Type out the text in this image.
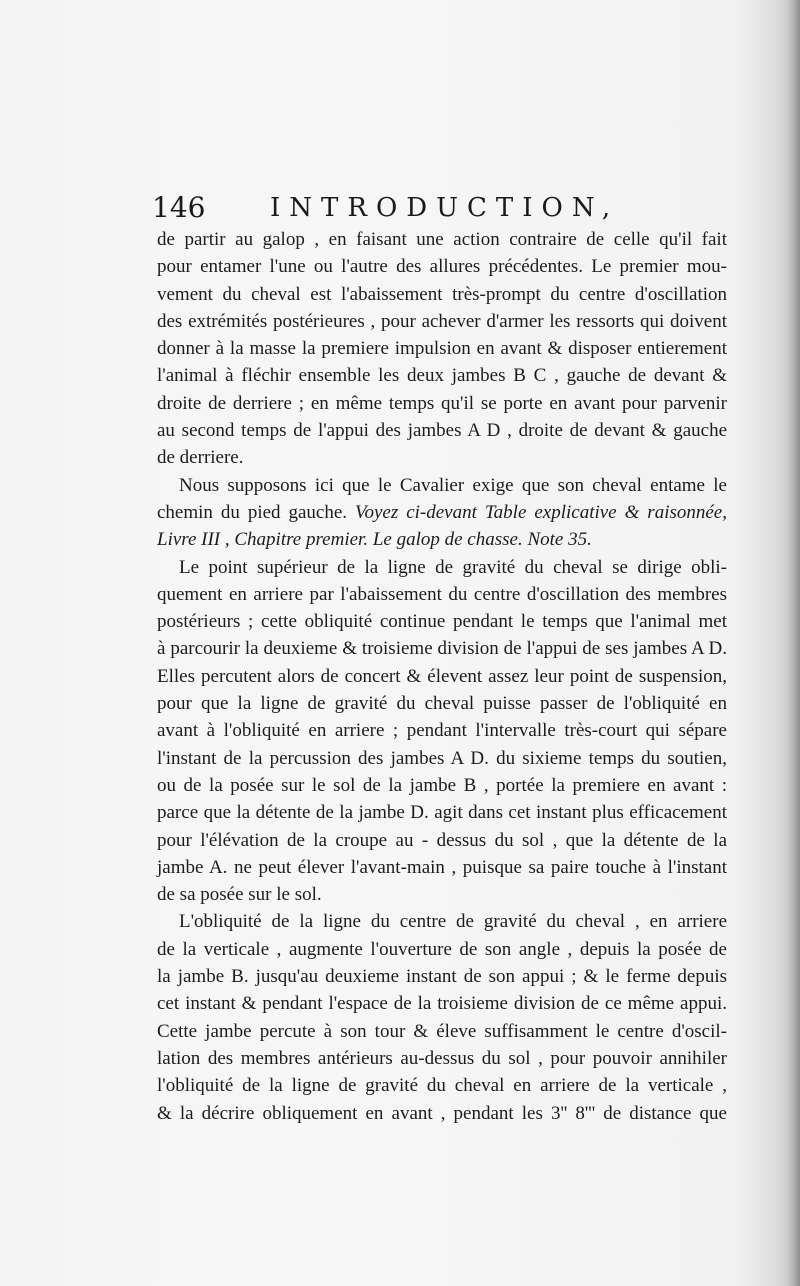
146 INTRODUCTION,
de partir au galop , en faisant une action contraire de celle qu'il fait
pour entamer l'une ou l'autre des allures précédentes. Le premier mou-
vement du cheval est l'abaissement très-prompt du centre d'oscillation
des extrémités postérieures , pour achever d'armer les ressorts qui doivent
donner à la masse la premiere impulsion en avant & disposer entierement
l'animal à fléchir ensemble les deux jambes B C , gauche de devant &
droite de derriere ; en même temps qu'il se porte en avant pour parvenir
au second temps de l'appui des jambes A D , droite de devant & gauche
de derriere.
Nous supposons ici que le Cavalier exige que son cheval entame le
chemin du pied gauche. Voyez ci-devant Table explicative & raisonnée,
Livre III , Chapitre premier. Le galop de chasse. Note 35.
Le point supérieur de la ligne de gravité du cheval se dirige obli-
quement en arriere par l'abaissement du centre d'oscillation des membres
postérieurs ; cette obliquité continue pendant le temps que l'animal met
à parcourir la deuxieme & troisieme division de l'appui de ses jambes A D.
Elles percutent alors de concert & élevent assez leur point de suspension,
pour que la ligne de gravité du cheval puisse passer de l'obliquité en
avant à l'obliquité en arriere ; pendant l'intervalle très-court qui sépare
l'instant de la percussion des jambes A D. du sixieme temps du soutien,
ou de la posée sur le sol de la jambe B , portée la premiere en avant :
parce que la détente de la jambe D. agit dans cet instant plus efficacement
pour l'élévation de la croupe au - dessus du sol , que la détente de la
jambe A. ne peut élever l'avant-main , puisque sa paire touche à l'instant
de sa posée sur le sol.
L'obliquité de la ligne du centre de gravité du cheval , en arriere
de la verticale , augmente l'ouverture de son angle , depuis la posée de
la jambe B. jusqu'au deuxieme instant de son appui ; & le ferme depuis
cet instant & pendant l'espace de la troisieme division de ce même appui.
Cette jambe percute à son tour & éleve suffisamment le centre d'oscil-
lation des membres antérieurs au-dessus du sol , pour pouvoir annihiler
l'obliquité de la ligne de gravité du cheval en arriere de la verticale ,
& la décrire obliquement en avant , pendant les 3'' 8''' de distance que
